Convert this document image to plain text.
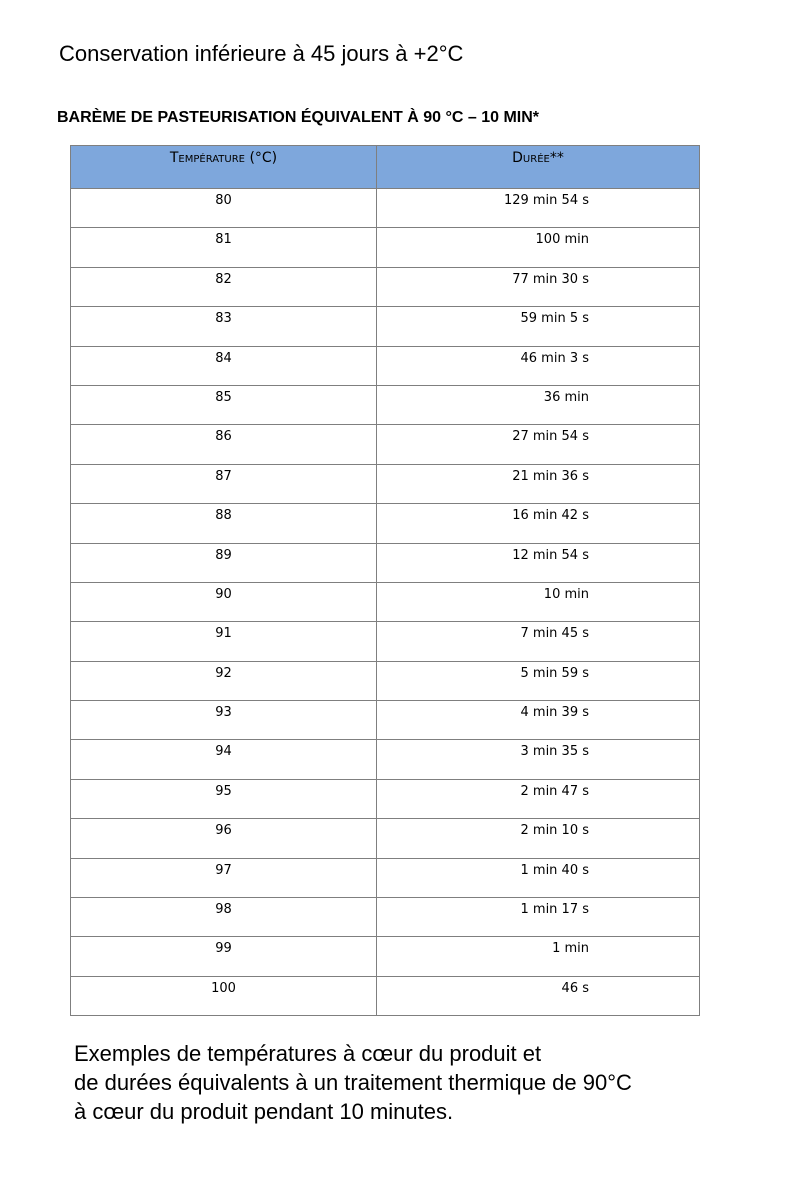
Conservation inférieure à 45 jours à +2°C
BARÈME DE PASTEURISATION ÉQUIVALENT À 90 °C – 10 MIN*
Température (°C)	Durée**
80	129 min 54 s
81	100 min
82	77 min 30 s
83	59 min 5 s
84	46 min 3 s
85	36 min
86	27 min 54 s
87	21 min 36 s
88	16 min 42 s
89	12 min 54 s
90	10 min
91	7 min 45 s
92	5 min 59 s
93	4 min 39 s
94	3 min 35 s
95	2 min 47 s
96	2 min 10 s
97	1 min 40 s
98	1 min 17 s
99	1 min
100	46 s
Exemples de températures à cœur du produit et
de durées équivalents à un traitement thermique de 90°C
à cœur du produit pendant 10 minutes.
